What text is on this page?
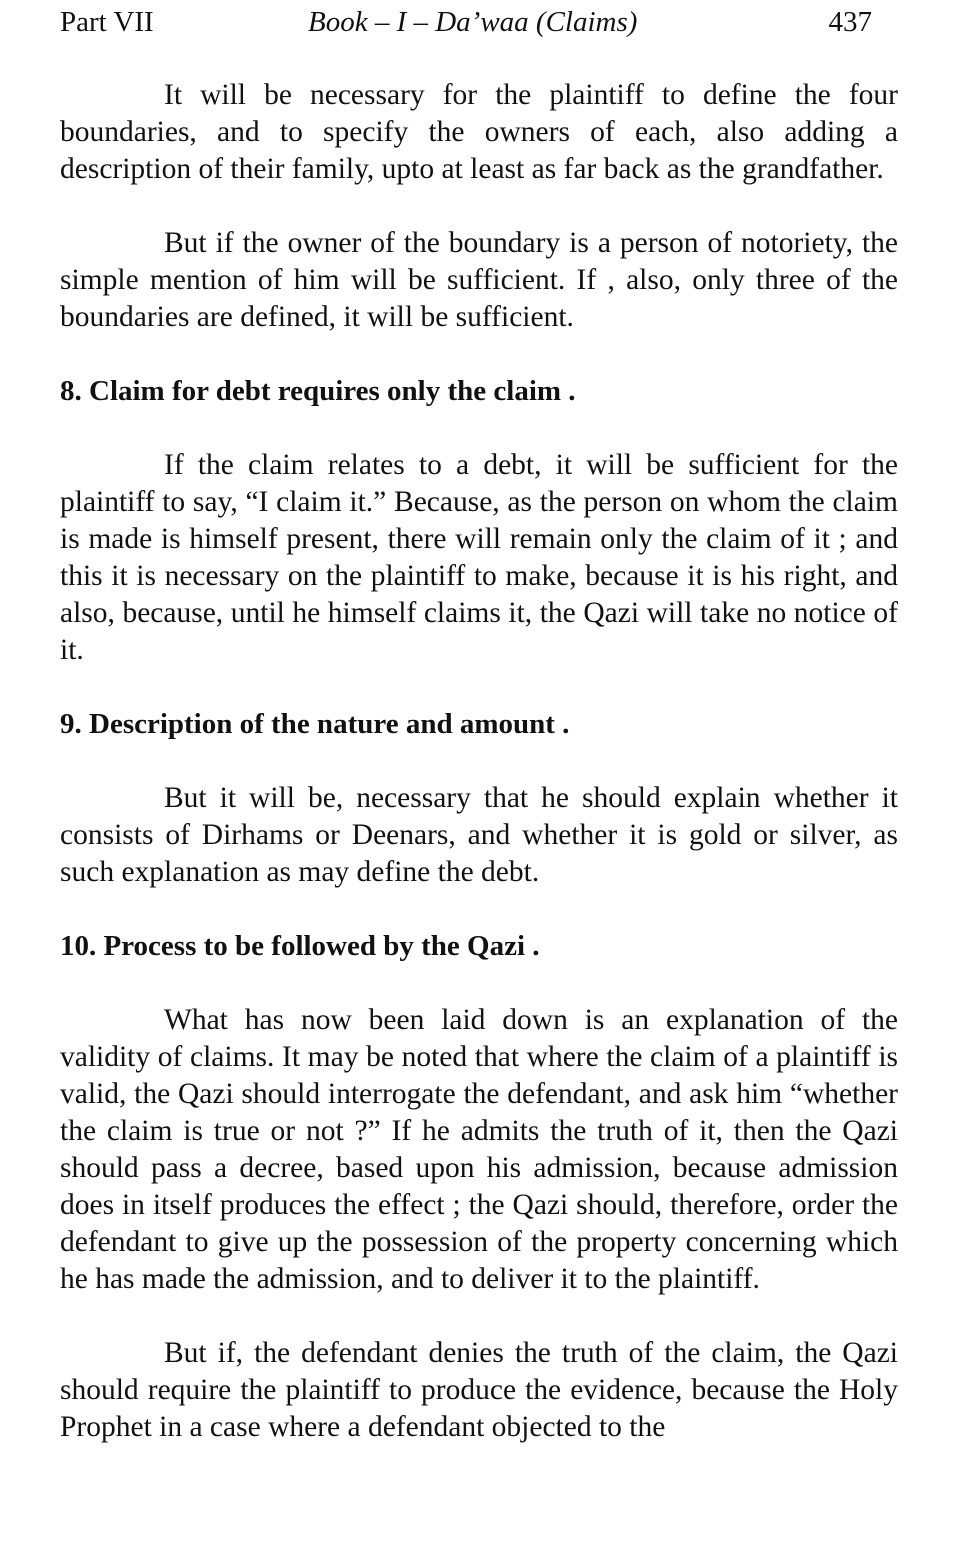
Part VII	Book – I – Da’waa (Claims)	437

It will be necessary for the plaintiff to define the four boundaries, and to specify the owners of each, also adding a description of their family, upto at least as far back as the grandfather.

But if the owner of the boundary is a person of notoriety, the simple mention of him will be sufficient. If , also, only three of the boundaries are defined, it will be sufficient.

8. Claim for debt requires only the claim .

If the claim relates to a debt, it will be sufficient for the plaintiff to say, “I claim it.” Because, as the person on whom the claim is made is himself present, there will remain only the claim of it ; and this it is necessary on the plaintiff to make, because it is his right, and also, because, until he himself claims it, the Qazi will take no notice of it.

9. Description of the nature and amount .

But it will be, necessary that he should explain whether it consists of Dirhams or Deenars, and whether it is gold or silver, as such explanation as may define the debt.

10. Process to be followed by the Qazi .

What has now been laid down is an explanation of the validity of claims. It may be noted that where the claim of a plaintiff is valid, the Qazi should interrogate the defendant, and ask him “whether the claim is true or not ?” If he admits the truth of it, then the Qazi should pass a decree, based upon his admission, because admission does in itself produces the effect ; the Qazi should, therefore, order the defendant to give up the possession of the property concerning which he has made the admission, and to deliver it to the plaintiff.

But if, the defendant denies the truth of the claim, the Qazi should require the plaintiff to produce the evidence, because the Holy Prophet in a case where a defendant objected to the
